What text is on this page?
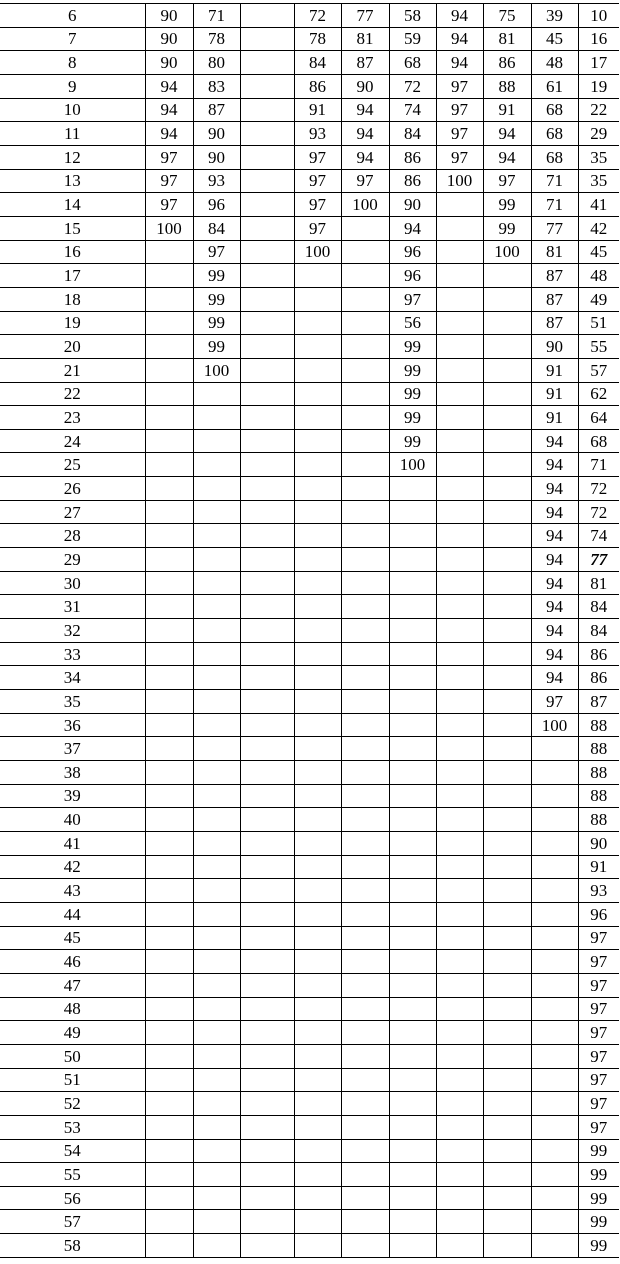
6	90	71		72	77	58	94	75	39	10
7	90	78		78	81	59	94	81	45	16
8	90	80		84	87	68	94	86	48	17
9	94	83		86	90	72	97	88	61	19
10	94	87		91	94	74	97	91	68	22
11	94	90		93	94	84	97	94	68	29
12	97	90		97	94	86	97	94	68	35
13	97	93		97	97	86	100	97	71	35
14	97	96		97	100	90		99	71	41
15	100	84		97		94		99	77	42
16		97		100		96		100	81	45
17		99				96			87	48
18		99				97			87	49
19		99				56			87	51
20		99				99			90	55
21		100				99			91	57
22						99			91	62
23						99			91	64
24						99			94	68
25						100			94	71
26									94	72
27									94	72
28									94	74
29									94	77
30									94	81
31									94	84
32									94	84
33									94	86
34									94	86
35									97	87
36									100	88
37										88
38										88
39										88
40										88
41										90
42										91
43										93
44										96
45										97
46										97
47										97
48										97
49										97
50										97
51										97
52										97
53										97
54										99
55										99
56										99
57										99
58										99
